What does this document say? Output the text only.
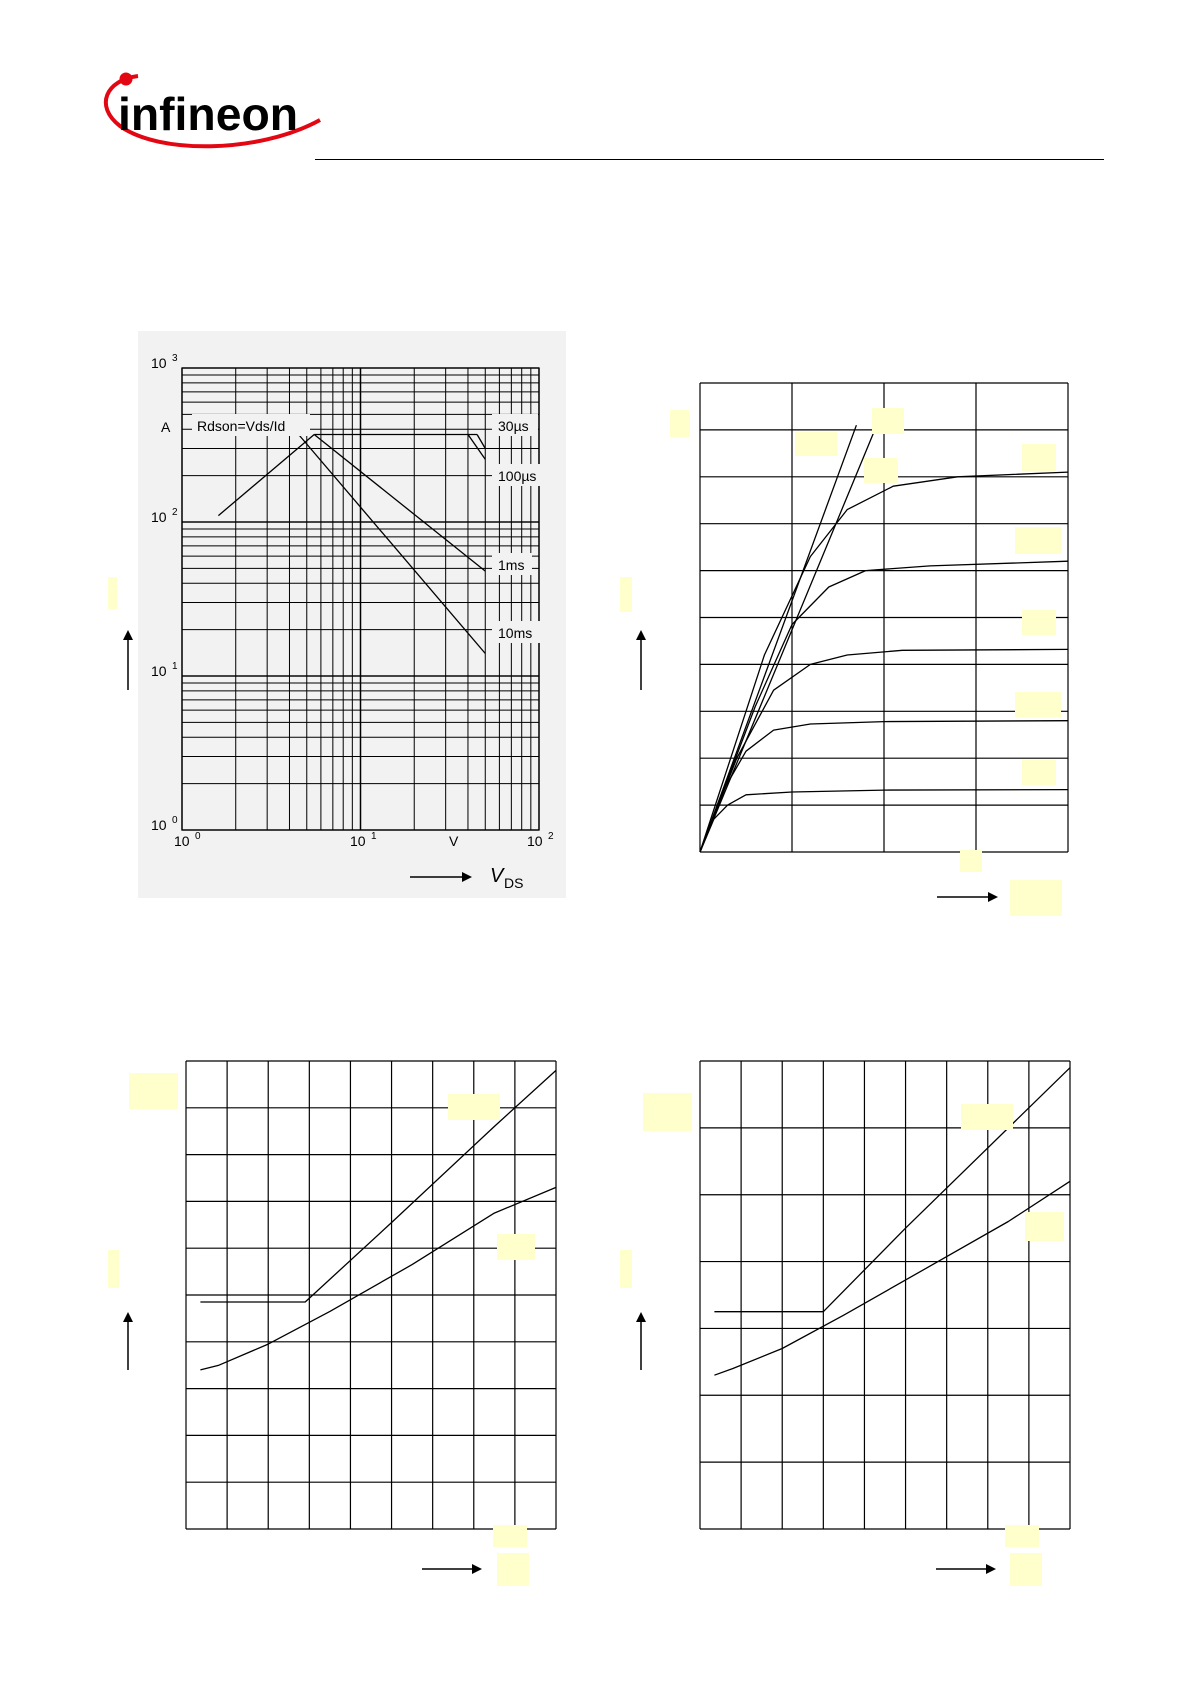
infineon
Rdson=Vds/Id	30µs
100µs
1ms
10ms
10 3
10 2
10 1
10 0
A
10 0	10 1	V	10 2
V DS
